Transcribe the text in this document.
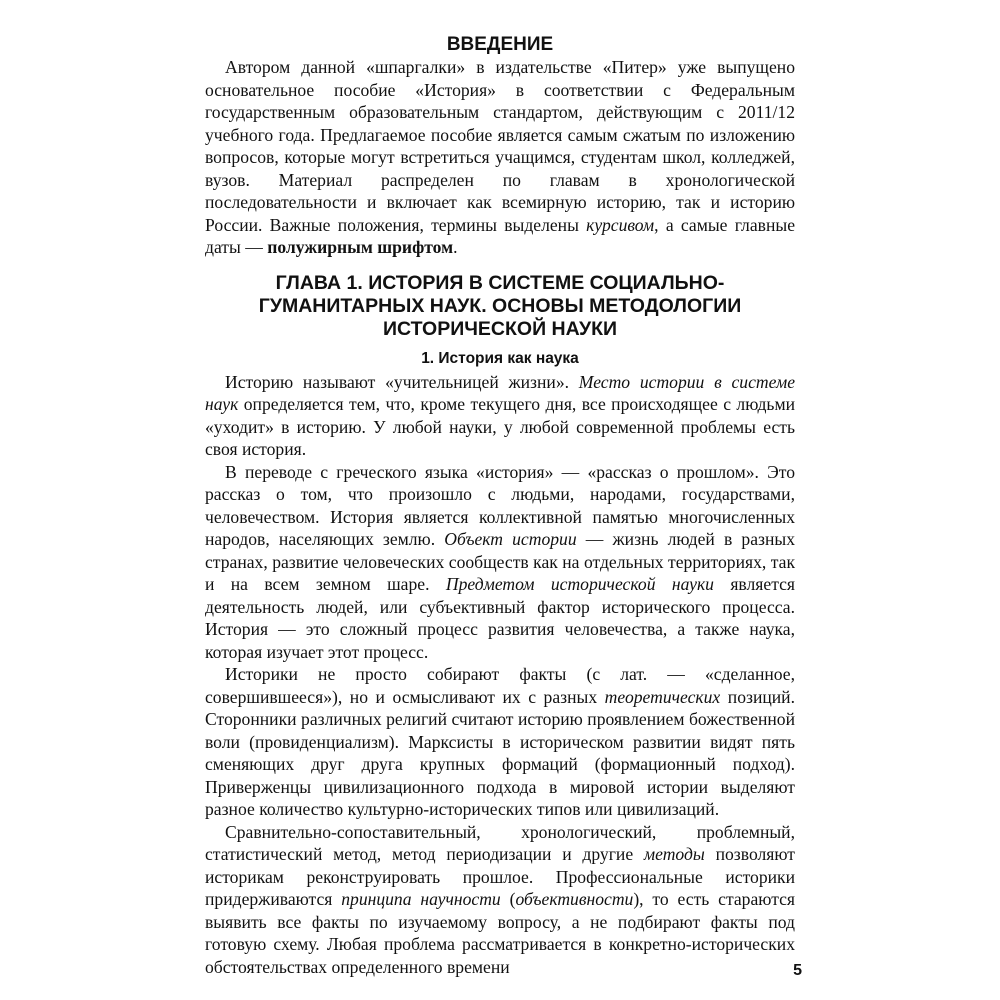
ВВЕДЕНИЕ

Автором данной «шпаргалки» в издательстве «Питер» уже выпущено основательное пособие «История» в соответствии с Федеральным государственным образовательным стандартом, действующим с 2011/12 учебного года. Предлагаемое пособие является самым сжатым по изложению вопросов, которые могут встретиться учащимся, студентам школ, колледжей, вузов. Материал распределен по главам в хронологической последовательности и включает как всемирную историю, так и историю России. Важные положения, термины выделены курсивом, а самые главные даты — полужирным шрифтом.

ГЛАВА 1. ИСТОРИЯ В СИСТЕМЕ СОЦИАЛЬНО-
ГУМАНИТАРНЫХ НАУК. ОСНОВЫ МЕТОДОЛОГИИ
ИСТОРИЧЕСКОЙ НАУКИ
1. История как наука

Историю называют «учительницей жизни». Место истории в системе наук определяется тем, что, кроме текущего дня, все происходящее с людьми «уходит» в историю. У любой науки, у любой современной проблемы есть своя история.

В переводе с греческого языка «история» — «рассказ о прошлом». Это рассказ о том, что произошло с людьми, народами, государствами, человечеством. История является коллективной памятью многочисленных народов, населяющих землю. Объект истории — жизнь людей в разных странах, развитие человеческих сообществ как на отдельных территориях, так и на всем земном шаре. Предметом исторической науки является деятельность людей, или субъективный фактор исторического процесса. История — это сложный процесс развития человечества, а также наука, которая изучает этот процесс.

Историки не просто собирают факты (с лат. — «сделанное, совершившееся»), но и осмысливают их с разных теоретических позиций. Сторонники различных религий считают историю проявлением божественной воли (провиденциализм). Марксисты в историческом развитии видят пять сменяющих друг друга крупных формаций (формационный подход). Приверженцы цивилизационного подхода в мировой истории выделяют разное количество культурно-исторических типов или цивилизаций.

Сравнительно-сопоставительный, хронологический, проблемный, статистический метод, метод периодизации и другие методы позволяют историкам реконструировать прошлое. Профессиональные историки придерживаются принципа научности (объективности), то есть стараются выявить все факты по изучаемому вопросу, а не подбирают факты под готовую схему. Любая проблема рассматривается в конкретно-исторических обстоятельствах определенного времени	5
